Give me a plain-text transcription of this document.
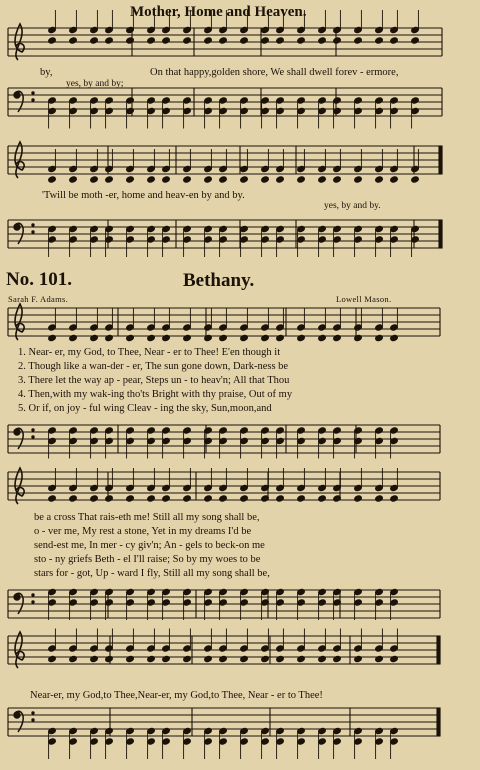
Mother, Home and Heaven.
by,
yes, by and by;
On that happy,golden shore, We shall dwell forev - ermore,
'Twill be moth -er, home and heav-en by and by.
yes, by and by.
No. 101.	Bethany.
Sarah F. Adams.	Lowell Mason.
1. Near- er, my God, to Thee, Near - er to Thee! E'en though it
2. Though like a wan-der - er, The sun gone down, Dark-ness be
3. There let the way ap - pear, Steps un - to heav'n; All that Thou
4. Then,with my wak-ing tho'ts Bright with thy praise, Out of my
5. Or if, on joy - ful wing Cleav - ing the sky, Sun,moon,and
be a cross That rais-eth me! Still all my song shall be,
o - ver me, My rest a stone, Yet in my dreams I'd be
send-est me, In mer - cy giv'n; An - gels to beck-on me
sto - ny griefs Beth - el I'll raise; So by my woes to be
stars for - got, Up - ward I fly, Still all my song shall be,
Near-er, my God,to Thee,Near-er, my God,to Thee, Near - er to Thee!
